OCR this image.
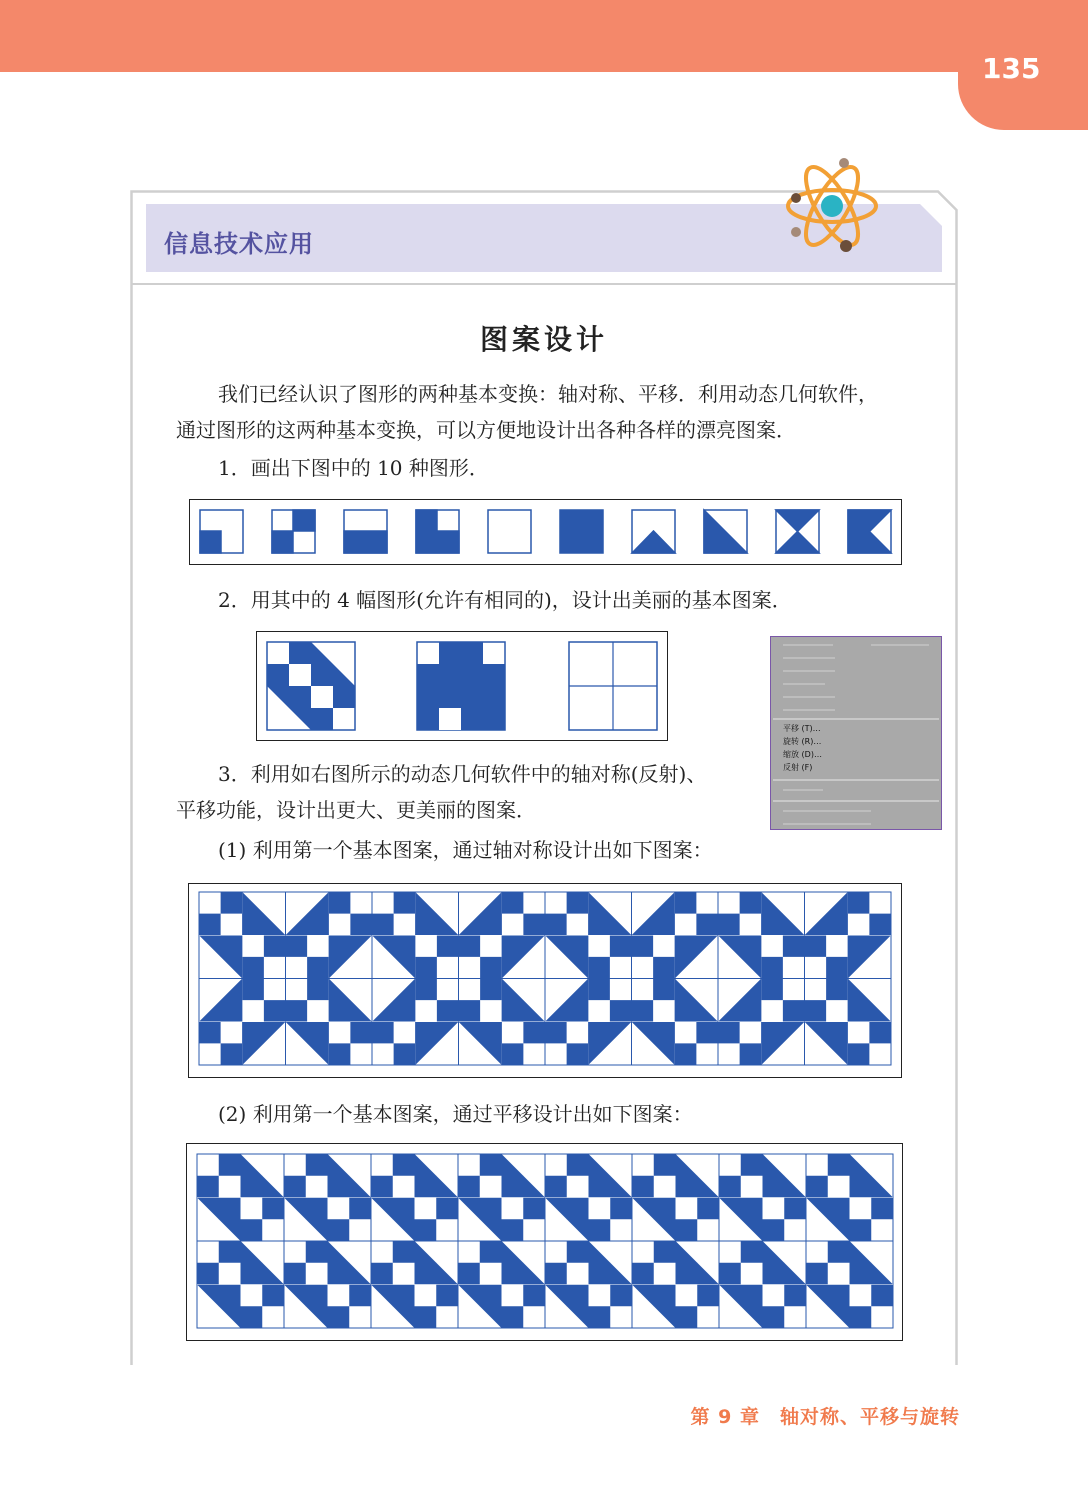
135
信息技术应用
图案设计
我们已经认识了图形的两种基本变换：轴对称、平移．利用动态几何软件，
通过图形的这两种基本变换，可以方便地设计出各种各样的漂亮图案．
1．画出下图中的 10 种图形．
2．用其中的 4 幅图形(允许有相同的)，设计出美丽的基本图案．
平移 (T)…
旋转 (R)…
缩放 (D)…
反射 (F)
3．利用如右图所示的动态几何软件中的轴对称(反射)、
平移功能，设计出更大、更美丽的图案．
(1) 利用第一个基本图案，通过轴对称设计出如下图案：
(2) 利用第一个基本图案，通过平移设计出如下图案：
第 9 章　轴对称、平移与旋转
